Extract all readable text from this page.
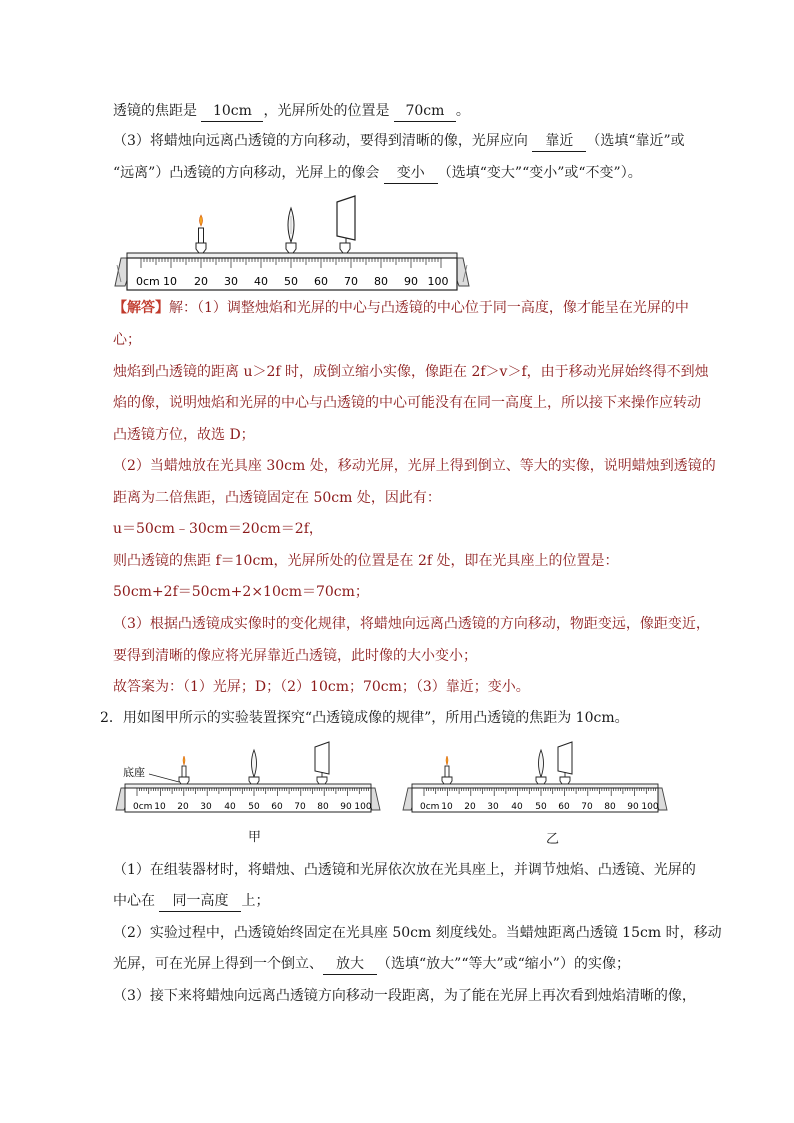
透镜的焦距是 10cm ，光屏所处的位置是 70cm 。
（3）将蜡烛向远离凸透镜的方向移动，要得到清晰的像，光屏应向 靠近 （选填“靠近”或
“远离”）凸透镜的方向移动，光屏上的像会 变小 （选填“变大”“变小”或“不变”）。
0cm 10 20 30 40 50 60 70 80 90 100
【解答】解：（1）调整烛焰和光屏的中心与凸透镜的中心位于同一高度，像才能呈在光屏的中
心；
烛焰到凸透镜的距离 u＞2f 时，成倒立缩小实像，像距在 2f＞v＞f，由于移动光屏始终得不到烛
焰的像，说明烛焰和光屏的中心与凸透镜的中心可能没有在同一高度上，所以接下来操作应转动
凸透镜方位，故选 D；
（2）当蜡烛放在光具座 30cm 处，移动光屏，光屏上得到倒立、等大的实像，说明蜡烛到透镜的
距离为二倍焦距，凸透镜固定在 50cm 处，因此有：
u＝50cm﹣30cm＝20cm＝2f，
则凸透镜的焦距 f＝10cm，光屏所处的位置是在 2f 处，即在光具座上的位置是：
50cm+2f＝50cm+2×10cm＝70cm；
（3）根据凸透镜成实像时的变化规律，将蜡烛向远离凸透镜的方向移动，物距变远，像距变近，
要得到清晰的像应将光屏靠近凸透镜，此时像的大小变小；
故答案为：（1）光屏；D；（2）10cm；70cm；（3）靠近；变小。
2．用如图甲所示的实验装置探究“凸透镜成像的规律”，所用凸透镜的焦距为 10cm。
底座
0cm 10 20 30 40 50 60 70 80 90 100
甲
0cm 10 20 30 40 50 60 70 80 90 100
乙
（1）在组装器材时，将蜡烛、凸透镜和光屏依次放在光具座上，并调节烛焰、凸透镜、光屏的
中心在 同一高度 上；
（2）实验过程中，凸透镜始终固定在光具座 50cm 刻度线处。当蜡烛距离凸透镜 15cm 时，移动
光屏，可在光屏上得到一个倒立、 放大 （选填“放大”“等大”或“缩小”）的实像；
（3）接下来将蜡烛向远离凸透镜方向移动一段距离，为了能在光屏上再次看到烛焰清晰的像，
